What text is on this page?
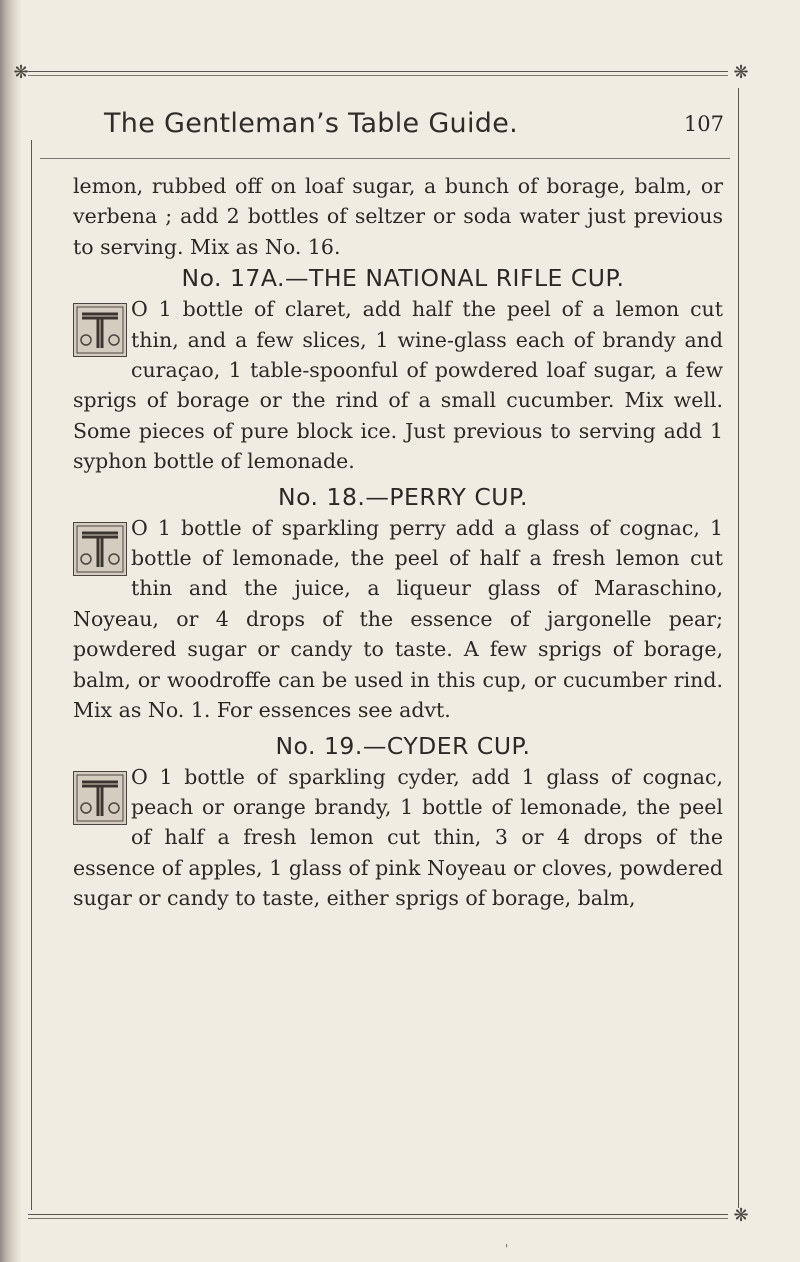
❋	❋
❋
'
The Gentleman’s Table Guide.	107

lemon, rubbed off on loaf sugar, a bunch of borage, balm, or verbena ; add 2 bottles of seltzer or soda water just previous to serving. Mix as No. 16.

No. 17A.—THE NATIONAL RIFLE CUP.

O 1 bottle of claret, add half the peel of a lemon cut thin, and a few slices, 1 wine-glass each of brandy and curaçao, 1 table-spoonful of powdered loaf sugar, a few sprigs of borage or the rind of a small cucumber. Mix well. Some pieces of pure block ice. Just previous to serving add 1 syphon bottle of lemonade.

No. 18.—PERRY CUP.

O 1 bottle of sparkling perry add a glass of cognac, 1 bottle of lemonade, the peel of half a fresh lemon cut thin and the juice, a liqueur glass of Maraschino, Noyeau, or 4 drops of the essence of jargonelle pear; powdered sugar or candy to taste. A few sprigs of borage, balm, or woodroffe can be used in this cup, or cucumber rind. Mix as No. 1. For essences see advt.

No. 19.—CYDER CUP.

O 1 bottle of sparkling cyder, add 1 glass of cognac, peach or orange brandy, 1 bottle of lemonade, the peel of half a fresh lemon cut thin, 3 or 4 drops of the essence of apples, 1 glass of pink Noyeau or cloves, powdered sugar or candy to taste, either sprigs of borage, balm,
